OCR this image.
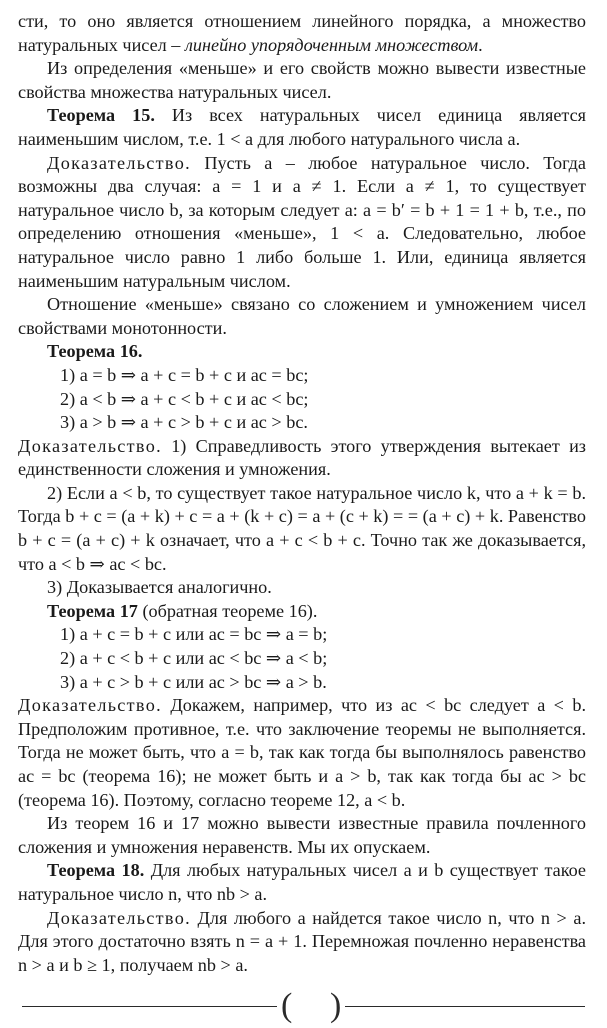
сти, то оно является отношением линейного порядка, а множество натуральных чисел – линейно упорядоченным множеством.

Из определения «меньше» и его свойств можно вывести известные свойства множества натуральных чисел.

Теорема 15. Из всех натуральных чисел единица является наименьшим числом, т.е. 1 < a для любого натурального числа a.

Доказательство. Пусть a – любое натуральное число. Тогда возможны два случая: a = 1 и a ≠ 1. Если a ≠ 1, то существует натуральное число b, за которым следует a: a = b′ = b + 1 = 1 + b, т.е., по определению отношения «меньше», 1 < a. Следовательно, любое натуральное число равно 1 либо больше 1. Или, единица является наименьшим натуральным числом.

Отношение «меньше» связано со сложением и умножением чисел свойствами монотонности.

Теорема 16.

1) a = b ⇒ a + c = b + c и ac = bc;
2) a < b ⇒ a + c < b + c и ac < bc;
3) a > b ⇒ a + c > b + c и ac > bc.

Доказательство. 1) Справедливость этого утверждения вытекает из единственности сложения и умножения.

2) Если a < b, то существует такое натуральное число k, что a + k = b. Тогда b + c = (a + k) + c = a + (k + c) = a + (c + k) = = (a + c) + k. Равенство b + c = (a + c) + k означает, что a + c < b + c. Точно так же доказывается, что a < b ⇒ ac < bc.

3) Доказывается аналогично.

Теорема 17 (обратная теореме 16).

1) a + c = b + c или ac = bc ⇒ a = b;
2) a + c < b + c или ac < bc ⇒ a < b;
3) a + c > b + c или ac > bc ⇒ a > b.

Доказательство. Докажем, например, что из ac < bc следует a < b. Предположим противное, т.е. что заключение теоремы не выполняется. Тогда не может быть, что a = b, так как тогда бы выполнялось равенство ac = bc (теорема 16); не может быть и a > b, так как тогда бы ac > bc (теорема 16). Поэтому, согласно теореме 12, a < b.

Из теорем 16 и 17 можно вывести известные правила почленного сложения и умножения неравенств. Мы их опускаем.

Теорема 18. Для любых натуральных чисел a и b существует такое натуральное число n, что nb > a.

Доказательство. Для любого a найдется такое число n, что n > a. Для этого достаточно взять n = a + 1. Перемножая почленно неравенства n > a и b ≥ 1, получаем nb > a.

( )
